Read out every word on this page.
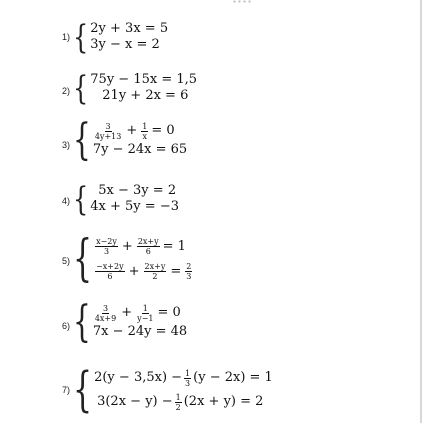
1) { 2y + 3x = 5
3y − x = 2
2) { 75y − 15x = 1,5
21y + 2x = 6
3) { $\frac{3}{4y+13} + \frac{1}{x} = 0$
7y − 24x = 65
4) { 5x − 3y = 2
4x + 5y = −3
5) { $\frac{x-2y}{3} + \frac{2x+y}{6} = 1$
$\frac{-x+2y}{6} + \frac{2x+y}{2} = \frac{2}{3}$
6) { $\frac{3}{4x+9} + \frac{1}{y-1} = 0$
7x − 24y = 48
7) { $2(y - 3,5x) - \frac{1}{3} (y - 2x) = 1$
$3(2x - y) - \frac{1}{2} (2x + y) = 2$
